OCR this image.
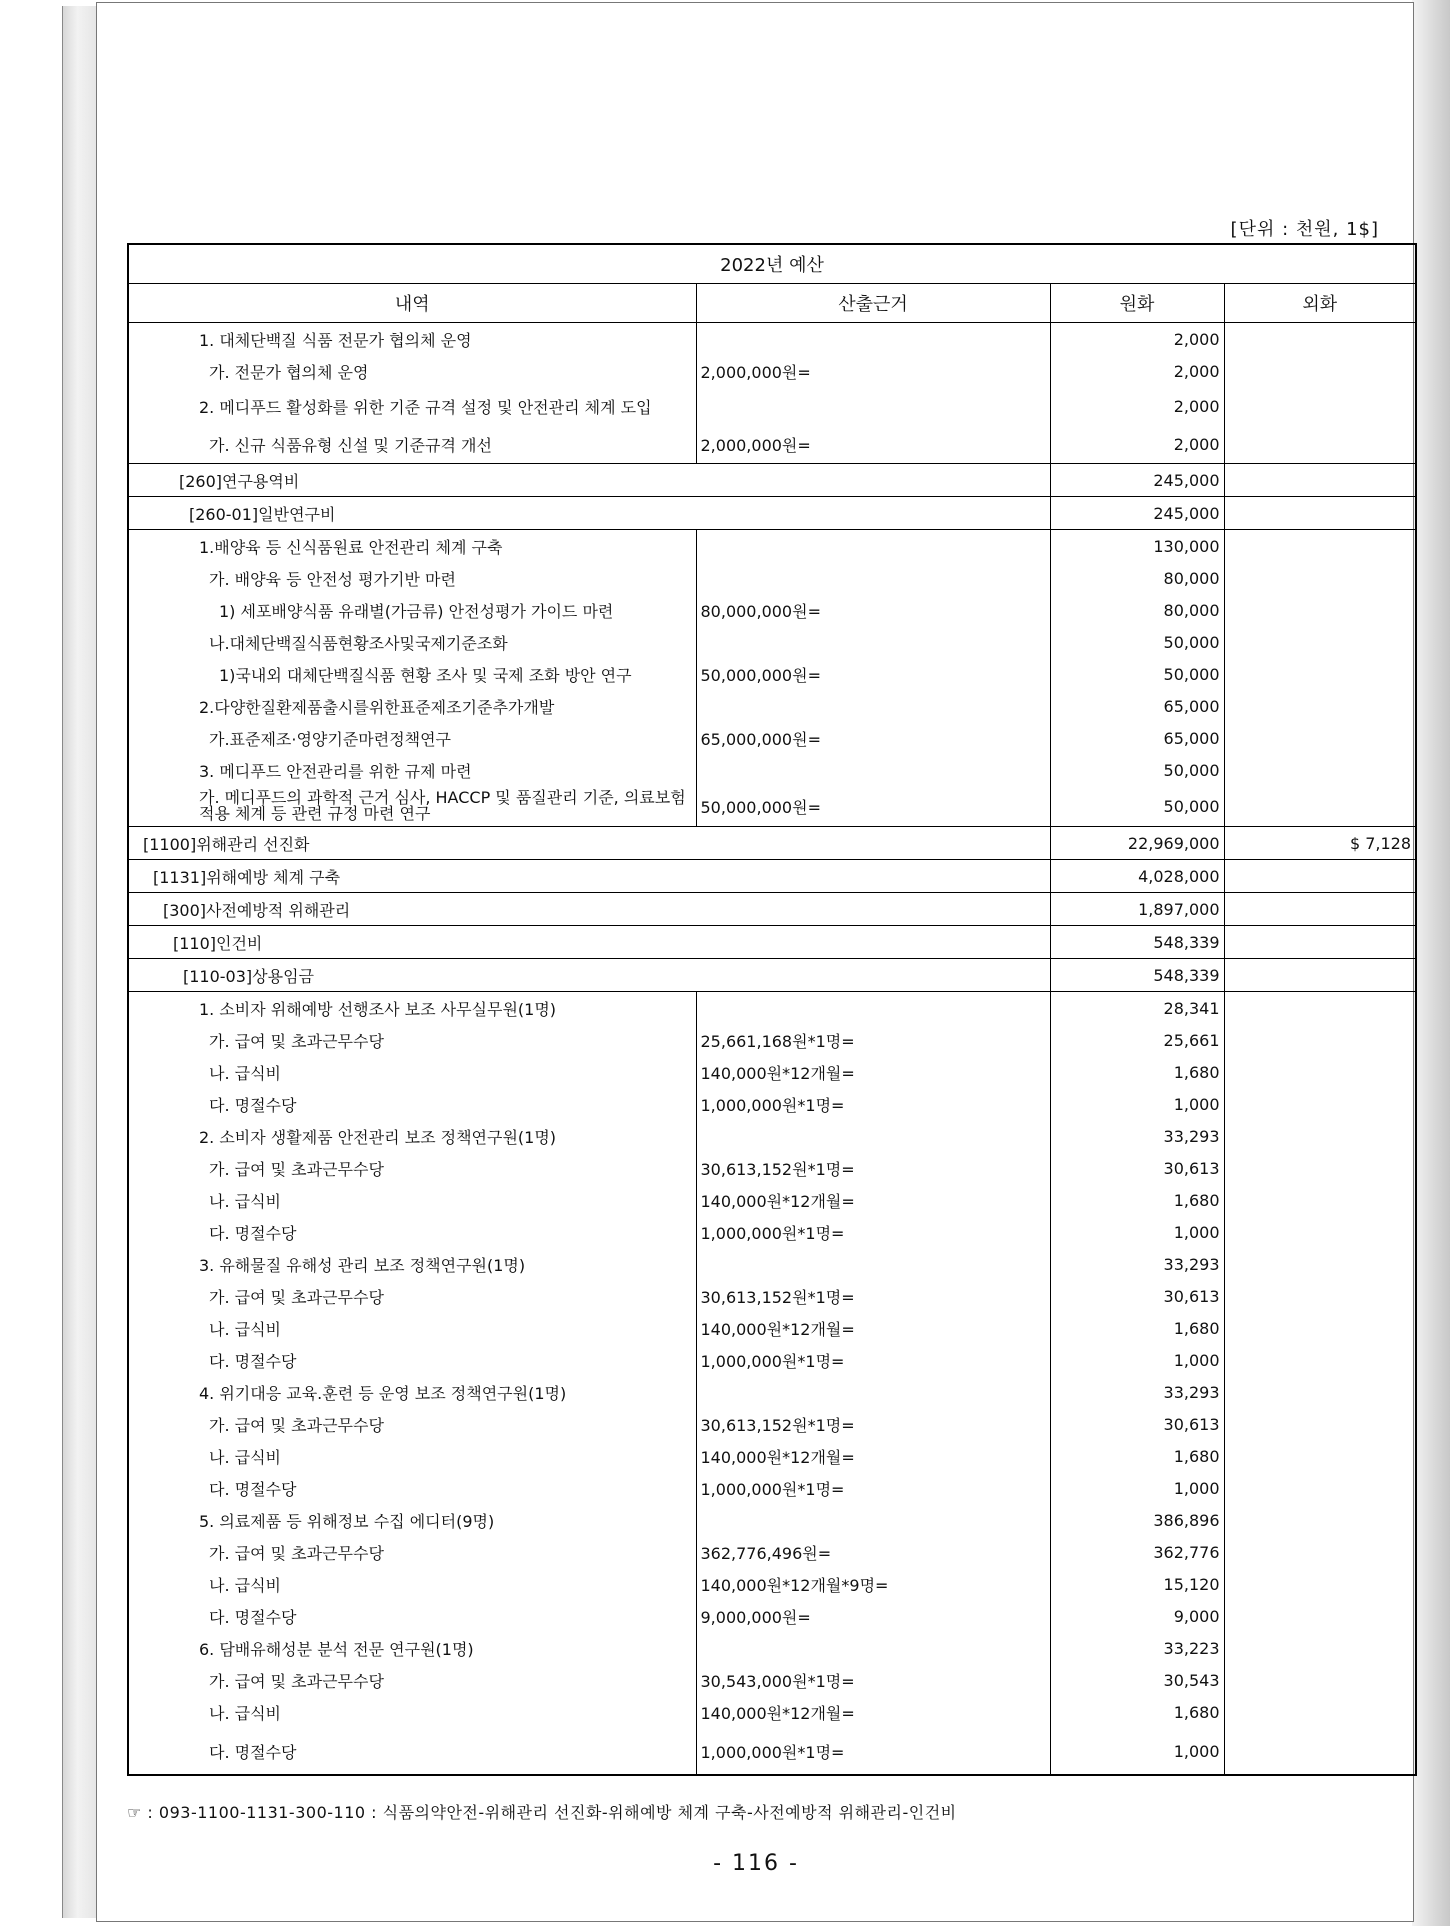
[단위 : 천원, 1$]
2022년 예산			
내역	산출근거	원화	외화
1. 대체단백질 식품 전문가 협의체 운영		2,000	
가. 전문가 협의체 운영	2,000,000원=	2,000	
2. 메디푸드 활성화를 위한 기준 규격 설정 및 안전관리 체계 도입		2,000	
가. 신규 식품유형 신설 및 기준규격 개선	2,000,000원=	2,000	
[260]연구용역비		245,000	
[260-01]일반연구비		245,000	
1.배양육 등 신식품원료 안전관리 체계 구축		130,000	
가. 배양육 등 안전성 평가기반 마련		80,000	
1) 세포배양식품 유래별(가금류) 안전성평가 가이드 마련	80,000,000원=	80,000	
나.대체단백질식품현황조사및국제기준조화		50,000	
1)국내외 대체단백질식품 현황 조사 및 국제 조화 방안 연구	50,000,000원=	50,000	
2.다양한질환제품출시를위한표준제조기준추가개발		65,000	
가.표준제조·영양기준마련정책연구	65,000,000원=	65,000	
3. 메디푸드 안전관리를 위한 규제 마련		50,000	
가. 메디푸드의 과학적 근거 심사, HACCP 및 품질관리 기준, 의료보험 적용 체계 등 관련 규정 마련 연구	50,000,000원=	50,000	
[1100]위해관리 선진화		22,969,000	$ 7,128
[1131]위해예방 체계 구축		4,028,000	
[300]사전예방적 위해관리		1,897,000	
[110]인건비		548,339	
[110-03]상용임금		548,339	
1. 소비자 위해예방 선행조사 보조 사무실무원(1명)		28,341	
가. 급여 및 초과근무수당	25,661,168원*1명=	25,661	
나. 급식비	140,000원*12개월=	1,680	
다. 명절수당	1,000,000원*1명=	1,000	
2. 소비자 생활제품 안전관리 보조 정책연구원(1명)		33,293	
가. 급여 및 초과근무수당	30,613,152원*1명=	30,613	
나. 급식비	140,000원*12개월=	1,680	
다. 명절수당	1,000,000원*1명=	1,000	
3. 유해물질 유해성 관리 보조 정책연구원(1명)		33,293	
가. 급여 및 초과근무수당	30,613,152원*1명=	30,613	
나. 급식비	140,000원*12개월=	1,680	
다. 명절수당	1,000,000원*1명=	1,000	
4. 위기대응 교육.훈련 등 운영 보조 정책연구원(1명)		33,293	
가. 급여 및 초과근무수당	30,613,152원*1명=	30,613	
나. 급식비	140,000원*12개월=	1,680	
다. 명절수당	1,000,000원*1명=	1,000	
5. 의료제품 등 위해정보 수집 에디터(9명)		386,896	
가. 급여 및 초과근무수당	362,776,496원=	362,776	
나. 급식비	140,000원*12개월*9명=	15,120	
다. 명절수당	9,000,000원=	9,000	
6. 담배유해성분 분석 전문 연구원(1명)		33,223	
가. 급여 및 초과근무수당	30,543,000원*1명=	30,543	
나. 급식비	140,000원*12개월=	1,680	
다. 명절수당	1,000,000원*1명=	1,000	
☞ : 093-1100-1131-300-110 : 식품의약안전-위해관리 선진화-위해예방 체계 구축-사전예방적 위해관리-인건비
- 116 -
